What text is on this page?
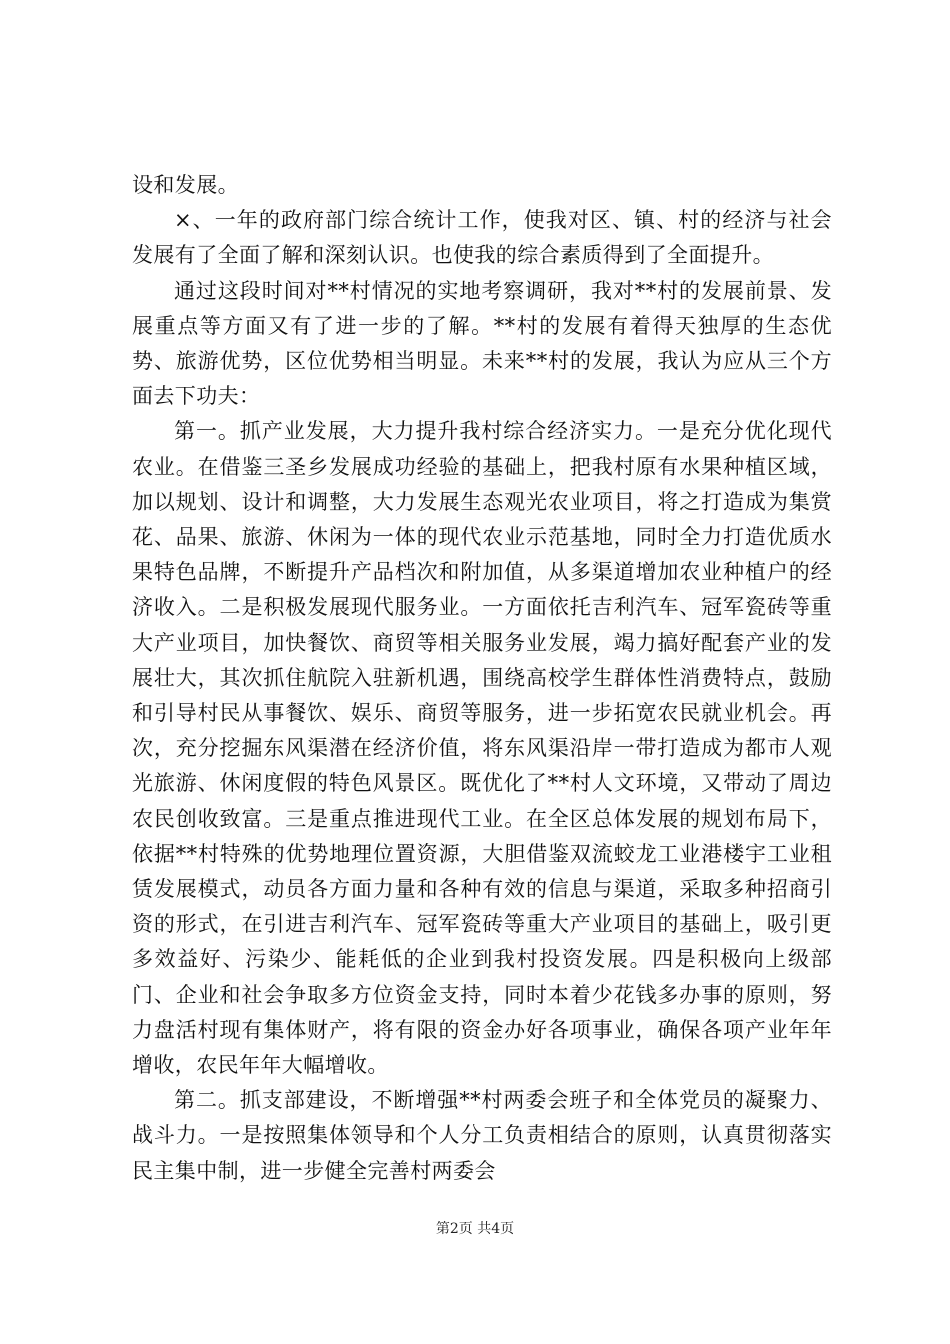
设和发展。

×、一年的政府部门综合统计工作，使我对区、镇、村的经济与社会发展有了全面了解和深刻认识。也使我的综合素质得到了全面提升。

通过这段时间对**村情况的实地考察调研，我对**村的发展前景、发展重点等方面又有了进一步的了解。**村的发展有着得天独厚的生态优势、旅游优势，区位优势相当明显。未来**村的发展，我认为应从三个方面去下功夫：

第一。抓产业发展，大力提升我村综合经济实力。一是充分优化现代农业。在借鉴三圣乡发展成功经验的基础上，把我村原有水果种植区域，加以规划、设计和调整，大力发展生态观光农业项目，将之打造成为集赏花、品果、旅游、休闲为一体的现代农业示范基地，同时全力打造优质水果特色品牌，不断提升产品档次和附加值，从多渠道增加农业种植户的经济收入。二是积极发展现代服务业。一方面依托吉利汽车、冠军瓷砖等重大产业项目，加快餐饮、商贸等相关服务业发展，竭力搞好配套产业的发展壮大，其次抓住航院入驻新机遇，围绕高校学生群体性消费特点，鼓励和引导村民从事餐饮、娱乐、商贸等服务，进一步拓宽农民就业机会。再次，充分挖掘东风渠潜在经济价值，将东风渠沿岸一带打造成为都市人观光旅游、休闲度假的特色风景区。既优化了**村人文环境，又带动了周边农民创收致富。三是重点推进现代工业。在全区总体发展的规划布局下，依据**村特殊的优势地理位置资源，大胆借鉴双流蛟龙工业港楼宇工业租赁发展模式，动员各方面力量和各种有效的信息与渠道，采取多种招商引资的形式，在引进吉利汽车、冠军瓷砖等重大产业项目的基础上，吸引更多效益好、污染少、能耗低的企业到我村投资发展。四是积极向上级部门、企业和社会争取多方位资金支持，同时本着少花钱多办事的原则，努力盘活村现有集体财产，将有限的资金办好各项事业，确保各项产业年年增收，农民年年大幅增收。

第二。抓支部建设，不断增强**村两委会班子和全体党员的凝聚力、战斗力。一是按照集体领导和个人分工负责相结合的原则，认真贯彻落实民主集中制，进一步健全完善村两委会

第2页 共4页
